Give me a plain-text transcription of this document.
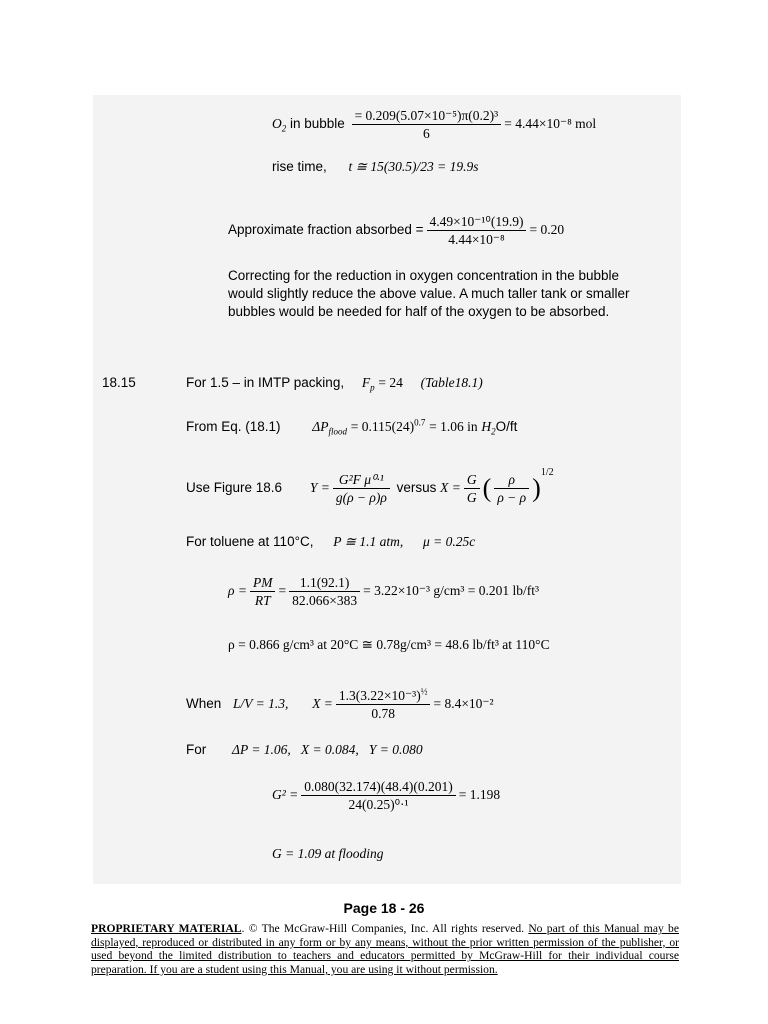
$O_2$ in bubble $\frac{\text{= 0.209(5.07×10⁻⁵)π(0.2)³}}{6} = 4.44\times 10^{-8}$ mol
rise time, t ≅ 15(30.5)/23 = 19.9s
Approximate fraction absorbed = $\frac{\text{4.49×10⁻¹⁰(19.9)}}{\text{4.44×10⁻⁸}} = 0.20$
Correcting for the reduction in oxygen concentration in the bubble would slightly reduce the above value. A much taller tank or smaller bubbles would be needed for half of the oxygen to be absorbed.
18.15	For 1.5 – in IMTP packing, $F_p = 24$ (Table18.1)
From Eq. (18.1) $\Delta P_{flood} = 0.115(24)^{0.7} = 1.06$ in $H_2O/ft$
Use Figure 18.6 $Y = \frac{\text{G²F μ⁰·¹}}{g(\rho - \rho)\rho}$ versus $X = \frac{G}{G}$ ( $\frac{\rho}{\rho - \rho} )^{1/2}$
For toluene at 110°C, P ≅ 1.1 atm, μ = 0.25c
$\rho = \frac{PM}{RT} = \frac{1.1(92.1)}{82.066\times 383} = 3.22\times 10^{-3}$ g/cm³ = 0.201 lb/ft³
ρ = 0.866 g/cm³ at 20°C ≅ 0.78g/cm³ = 48.6 lb/ft³ at 110°C
When L/V = 1.3, $X = \frac{1.3(3.22\times 10^{-3})^{\frac{1}{2}}}{0.78} = 8.4\times 10^{-2}$
For ΔP = 1.06,   X = 0.084,   Y = 0.080
$G^2 = \frac{0.080(32.174)(48.4)(0.201)}{\text{24(0.25)⁰·¹}} = 1.198$
G = 1.09 at flooding
Page 18 - 26
PROPRIETARY MATERIAL. © The McGraw-Hill Companies, Inc. All rights reserved. No part of this Manual may be displayed, reproduced or distributed in any form or by any means, without the prior written permission of the publisher, or used beyond the limited distribution to teachers and educators permitted by McGraw-Hill for their individual course preparation. If you are a student using this Manual, you are using it without permission.
